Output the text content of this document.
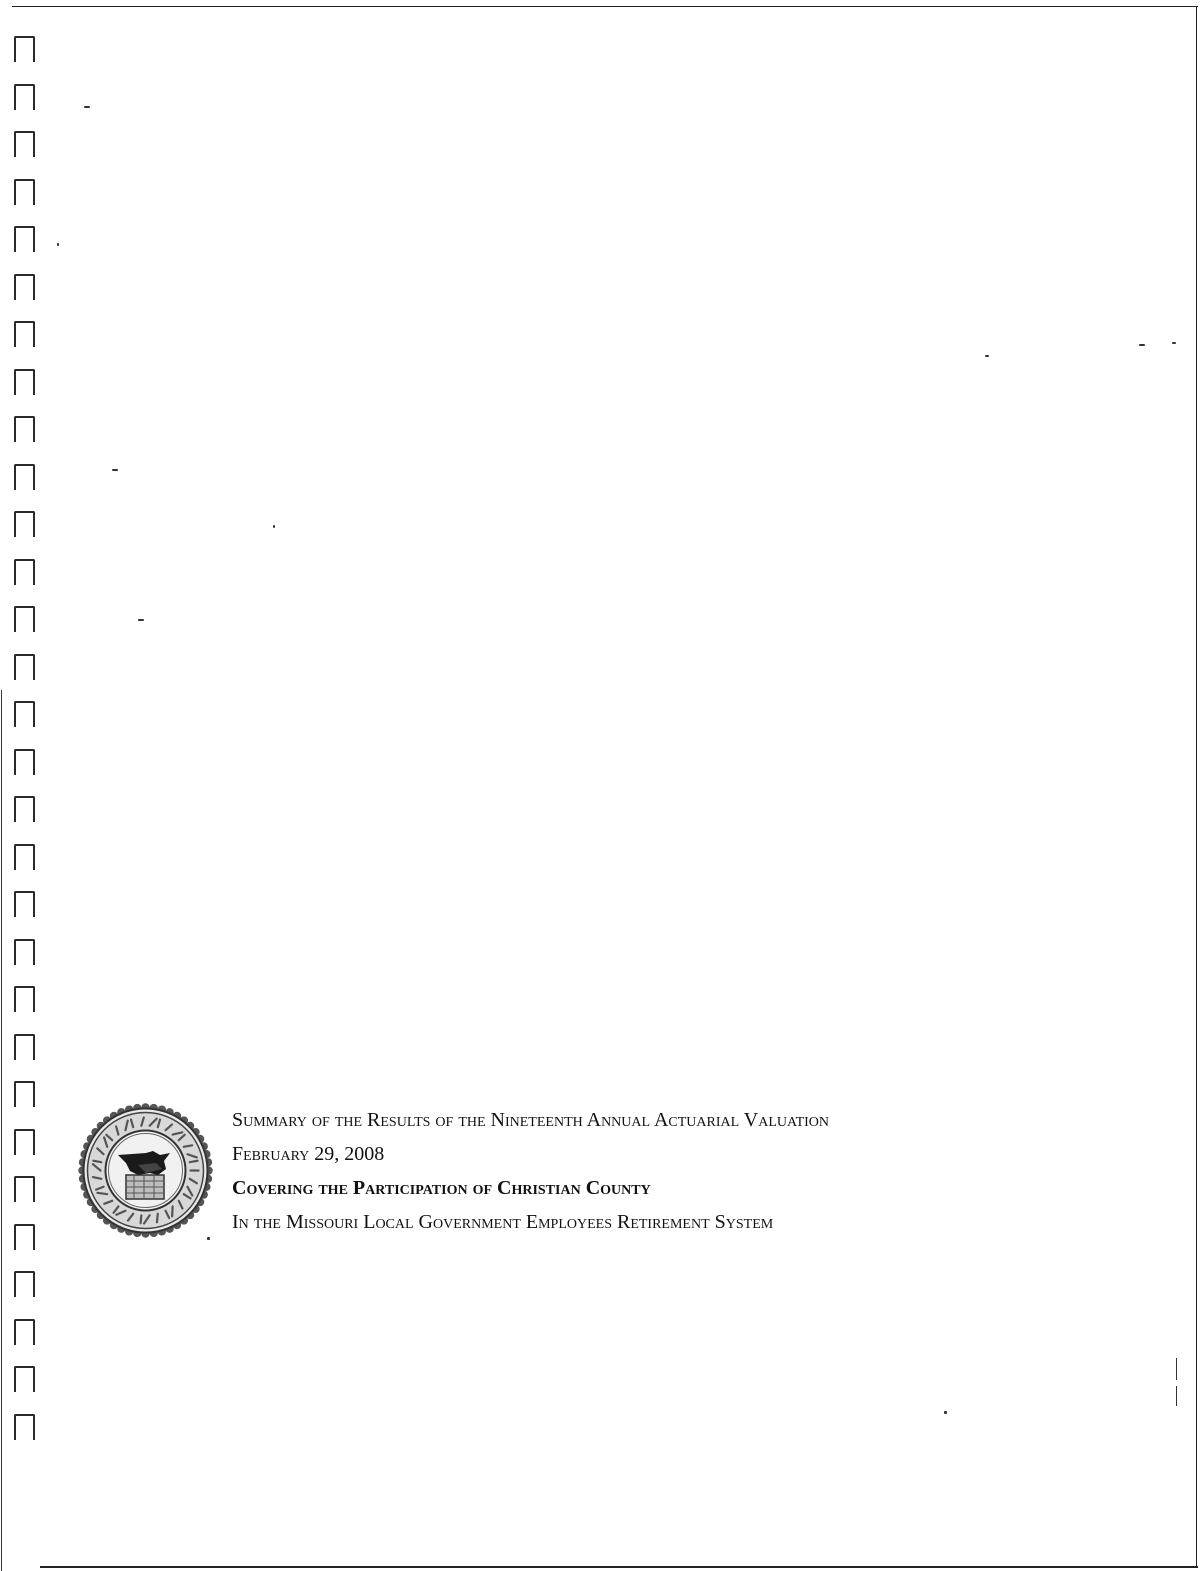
Summary of the Results of the Nineteenth Annual Actuarial Valuation
February 29, 2008
Covering the Participation of Christian County
In the Missouri Local Government Employees Retirement System
